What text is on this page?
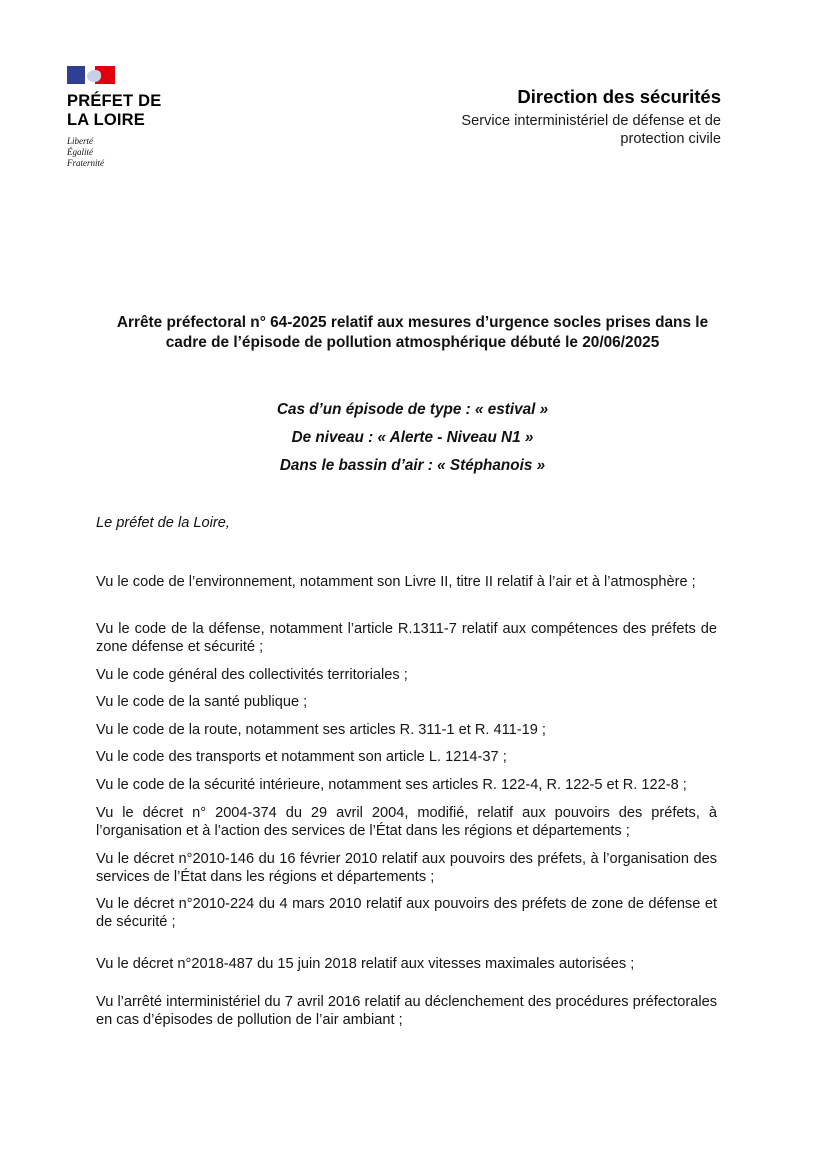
PRÉFET DE LA LOIRE
Liberté
Égalité
Fraternité
Direction des sécurités
Service interministériel de défense et de protection civile
Arrête préfectoral n° 64-2025 relatif aux mesures d’urgence socles prises dans le cadre de l’épisode de pollution atmosphérique débuté le 20/06/2025
Cas d’un épisode de type : « estival »
De niveau : « Alerte - Niveau N1 »
Dans le bassin d’air : « Stéphanois »
Le préfet de la Loire,

Vu le code de l’environnement, notamment son Livre II, titre II relatif à l’air et à l’atmosphère ;

Vu le code de la défense, notamment l’article R.1311-7 relatif aux compétences des préfets de zone défense et sécurité ;

Vu le code général des collectivités territoriales ;

Vu le code de la santé publique ;

Vu le code de la route, notamment ses articles R. 311-1 et R. 411-19 ;

Vu le code des transports et notamment son article L. 1214-37 ;

Vu le code de la sécurité intérieure, notamment ses articles R. 122-4, R. 122-5 et R. 122-8 ;

Vu le décret n° 2004-374 du 29 avril 2004, modifié, relatif aux pouvoirs des préfets, à l’organisation et à l’action des services de l’État dans les régions et départements ;

Vu le décret n°2010-146 du 16 février 2010 relatif aux pouvoirs des préfets, à l’organisation des services de l’État dans les régions et départements ;

Vu le décret n°2010-224 du 4 mars 2010 relatif aux pouvoirs des préfets de zone de défense et de sécurité ;

Vu le décret n°2018-487 du 15 juin 2018 relatif aux vitesses maximales autorisées ;

Vu l’arrêté interministériel du 7 avril 2016 relatif au déclenchement des procédures préfectorales en cas d’épisodes de pollution de l’air ambiant ;
